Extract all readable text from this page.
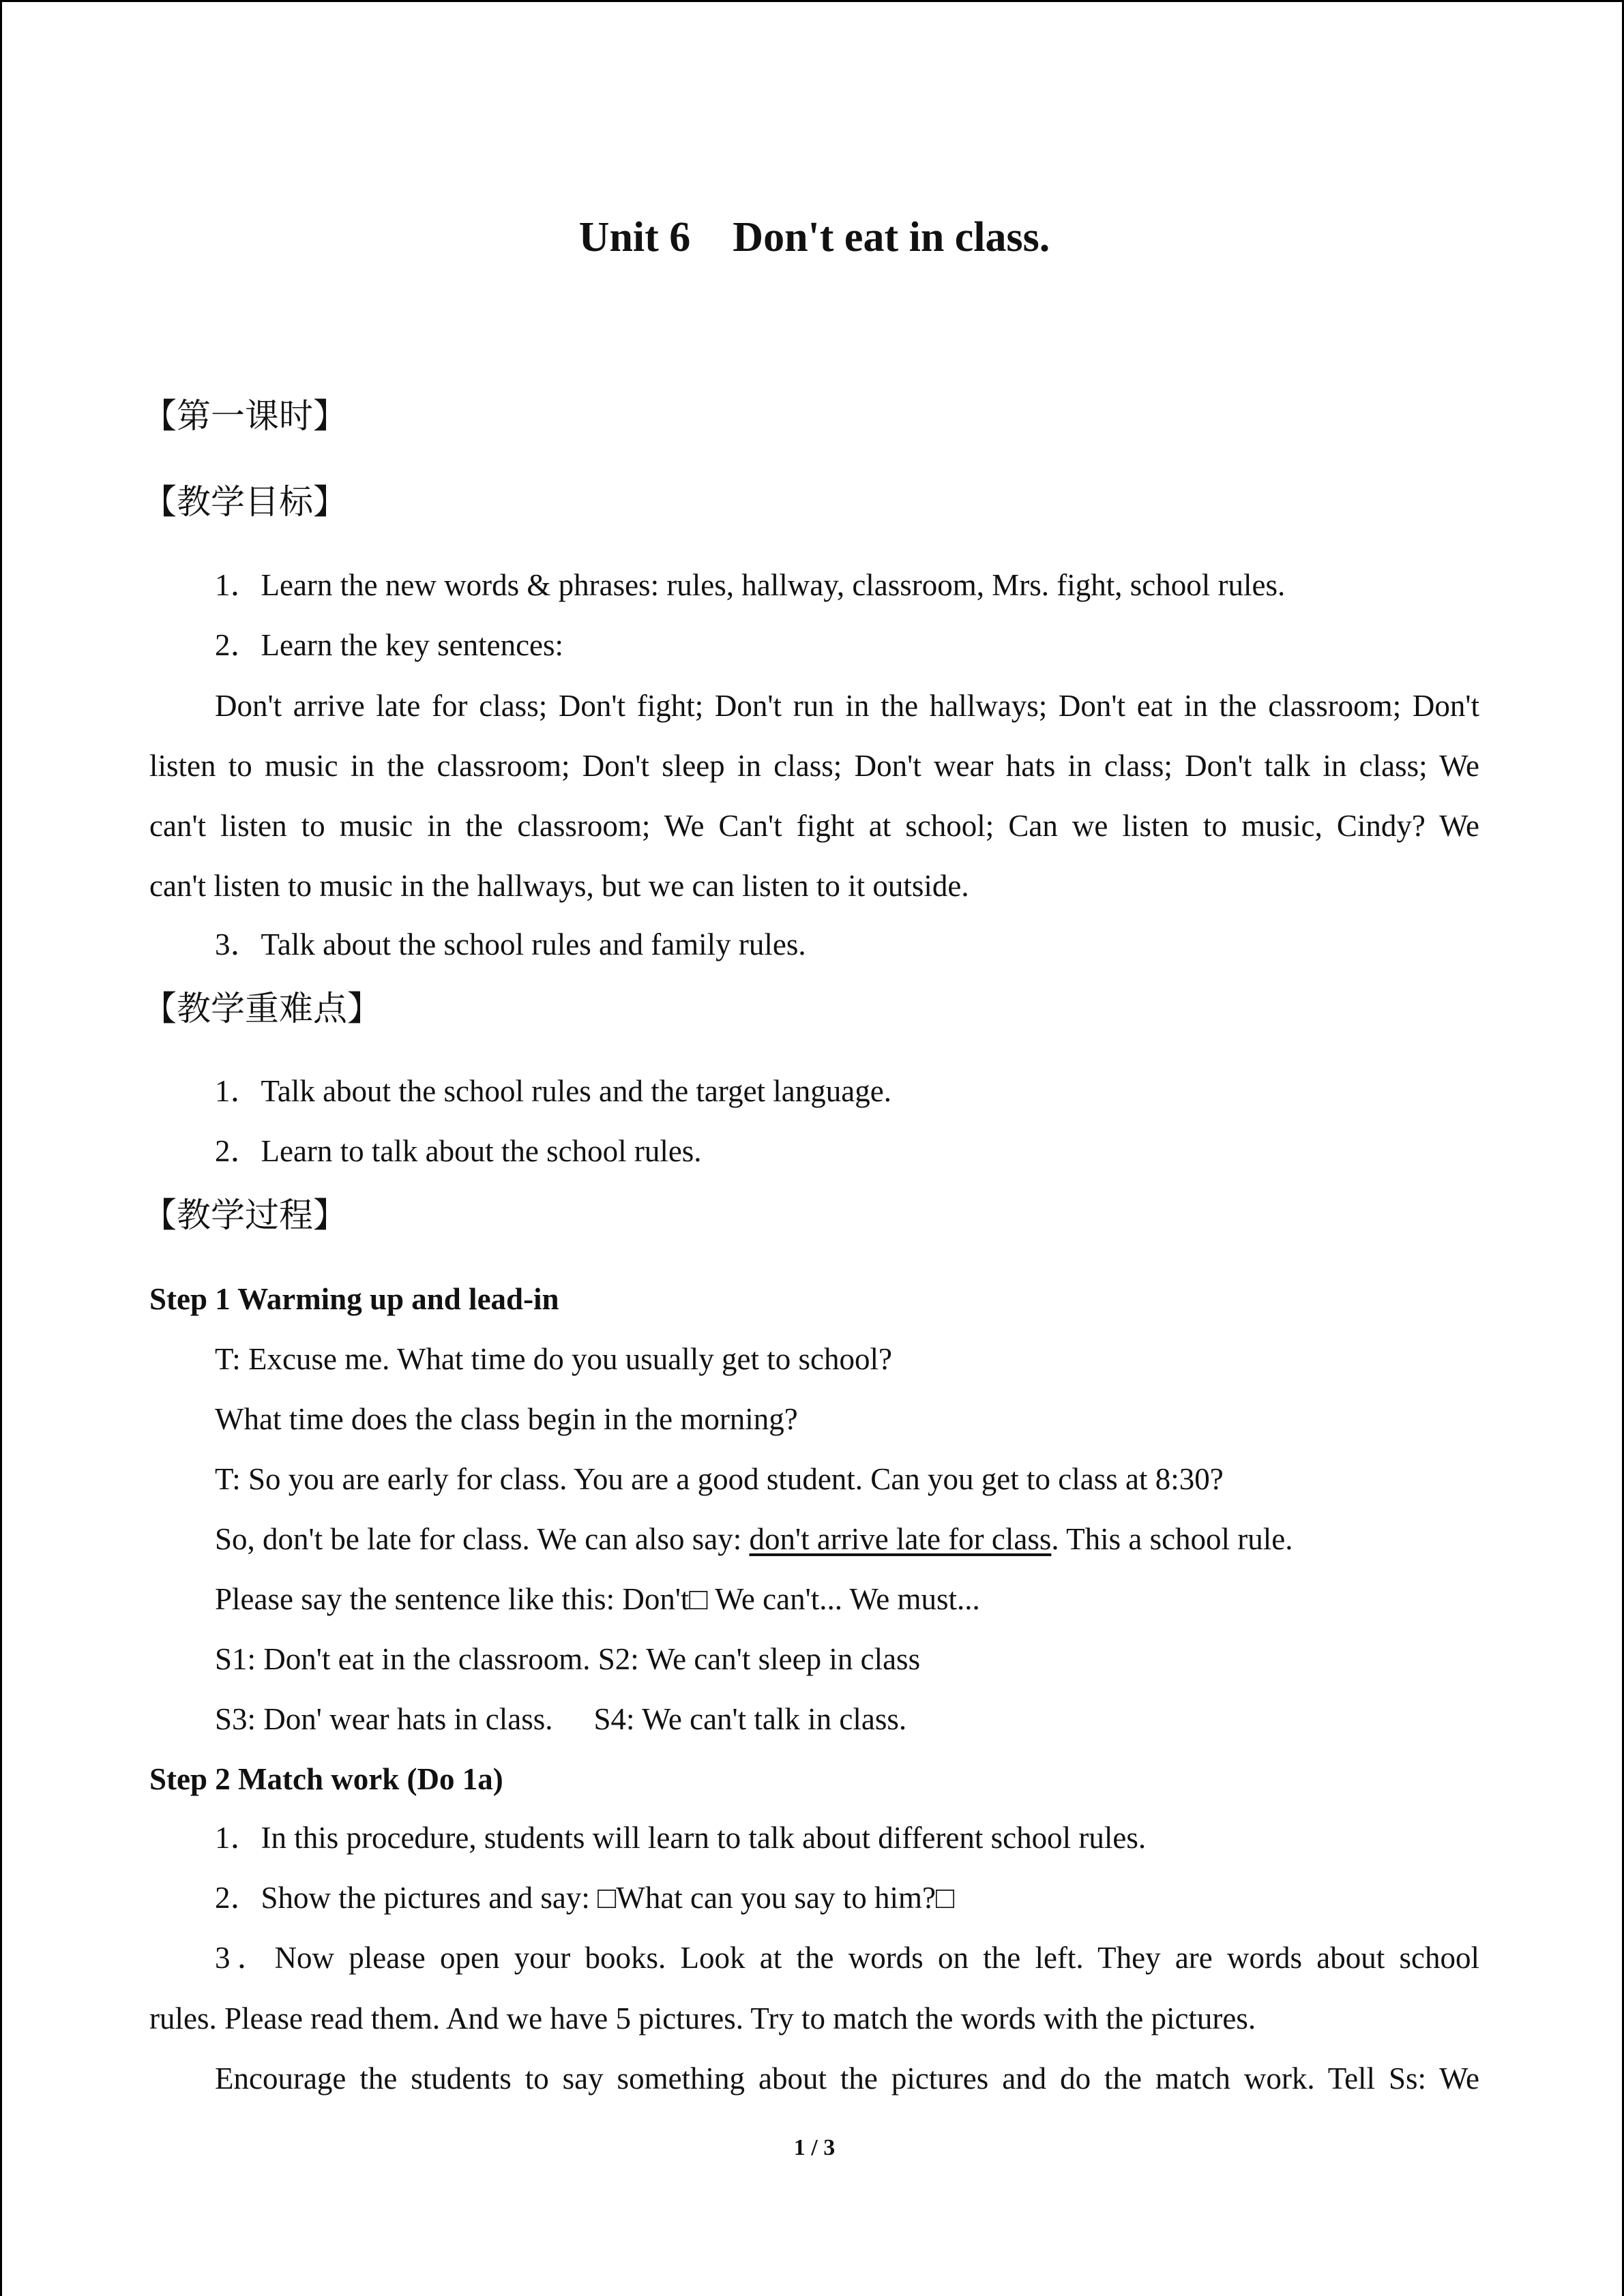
Unit 6    Don't eat in class.
【第一课时】
【教学目标】
1．Learn the new words & phrases: rules, hallway, classroom, Mrs. fight, school rules.
2．Learn the key sentences:
Don't arrive late for class; Don't fight; Don't run in the hallways; Don't eat in the classroom; Don't
listen to music in the classroom; Don't sleep in class; Don't wear hats in class; Don't talk in class; We
can't listen to music in the classroom; We Can't fight at school; Can we listen to music, Cindy? We
can't listen to music in the hallways, but we can listen to it outside.
3．Talk about the school rules and family rules.
【教学重难点】
1．Talk about the school rules and the target language.
2．Learn to talk about the school rules.
【教学过程】
Step 1 Warming up and lead-in
T: Excuse me. What time do you usually get to school?
What time does the class begin in the morning?
T: So you are early for class. You are a good student. Can you get to class at 8:30?
So, don't be late for class. We can also say: don't arrive late for class. This a school rule.
Please say the sentence like this: Don't□ We can't... We must...
S1: Don't eat in the classroom. S2: We can't sleep in class
S3: Don' wear hats in class. S4: We can't talk in class.
Step 2 Match work (Do 1a)
1．In this procedure, students will learn to talk about different school rules.
2．Show the pictures and say: □What can you say to him?□
3．Now please open your books. Look at the words on the left. They are words about school
rules. Please read them. And we have 5 pictures. Try to match the words with the pictures.
Encourage the students to say something about the pictures and do the match work. Tell Ss: We
1 / 3
